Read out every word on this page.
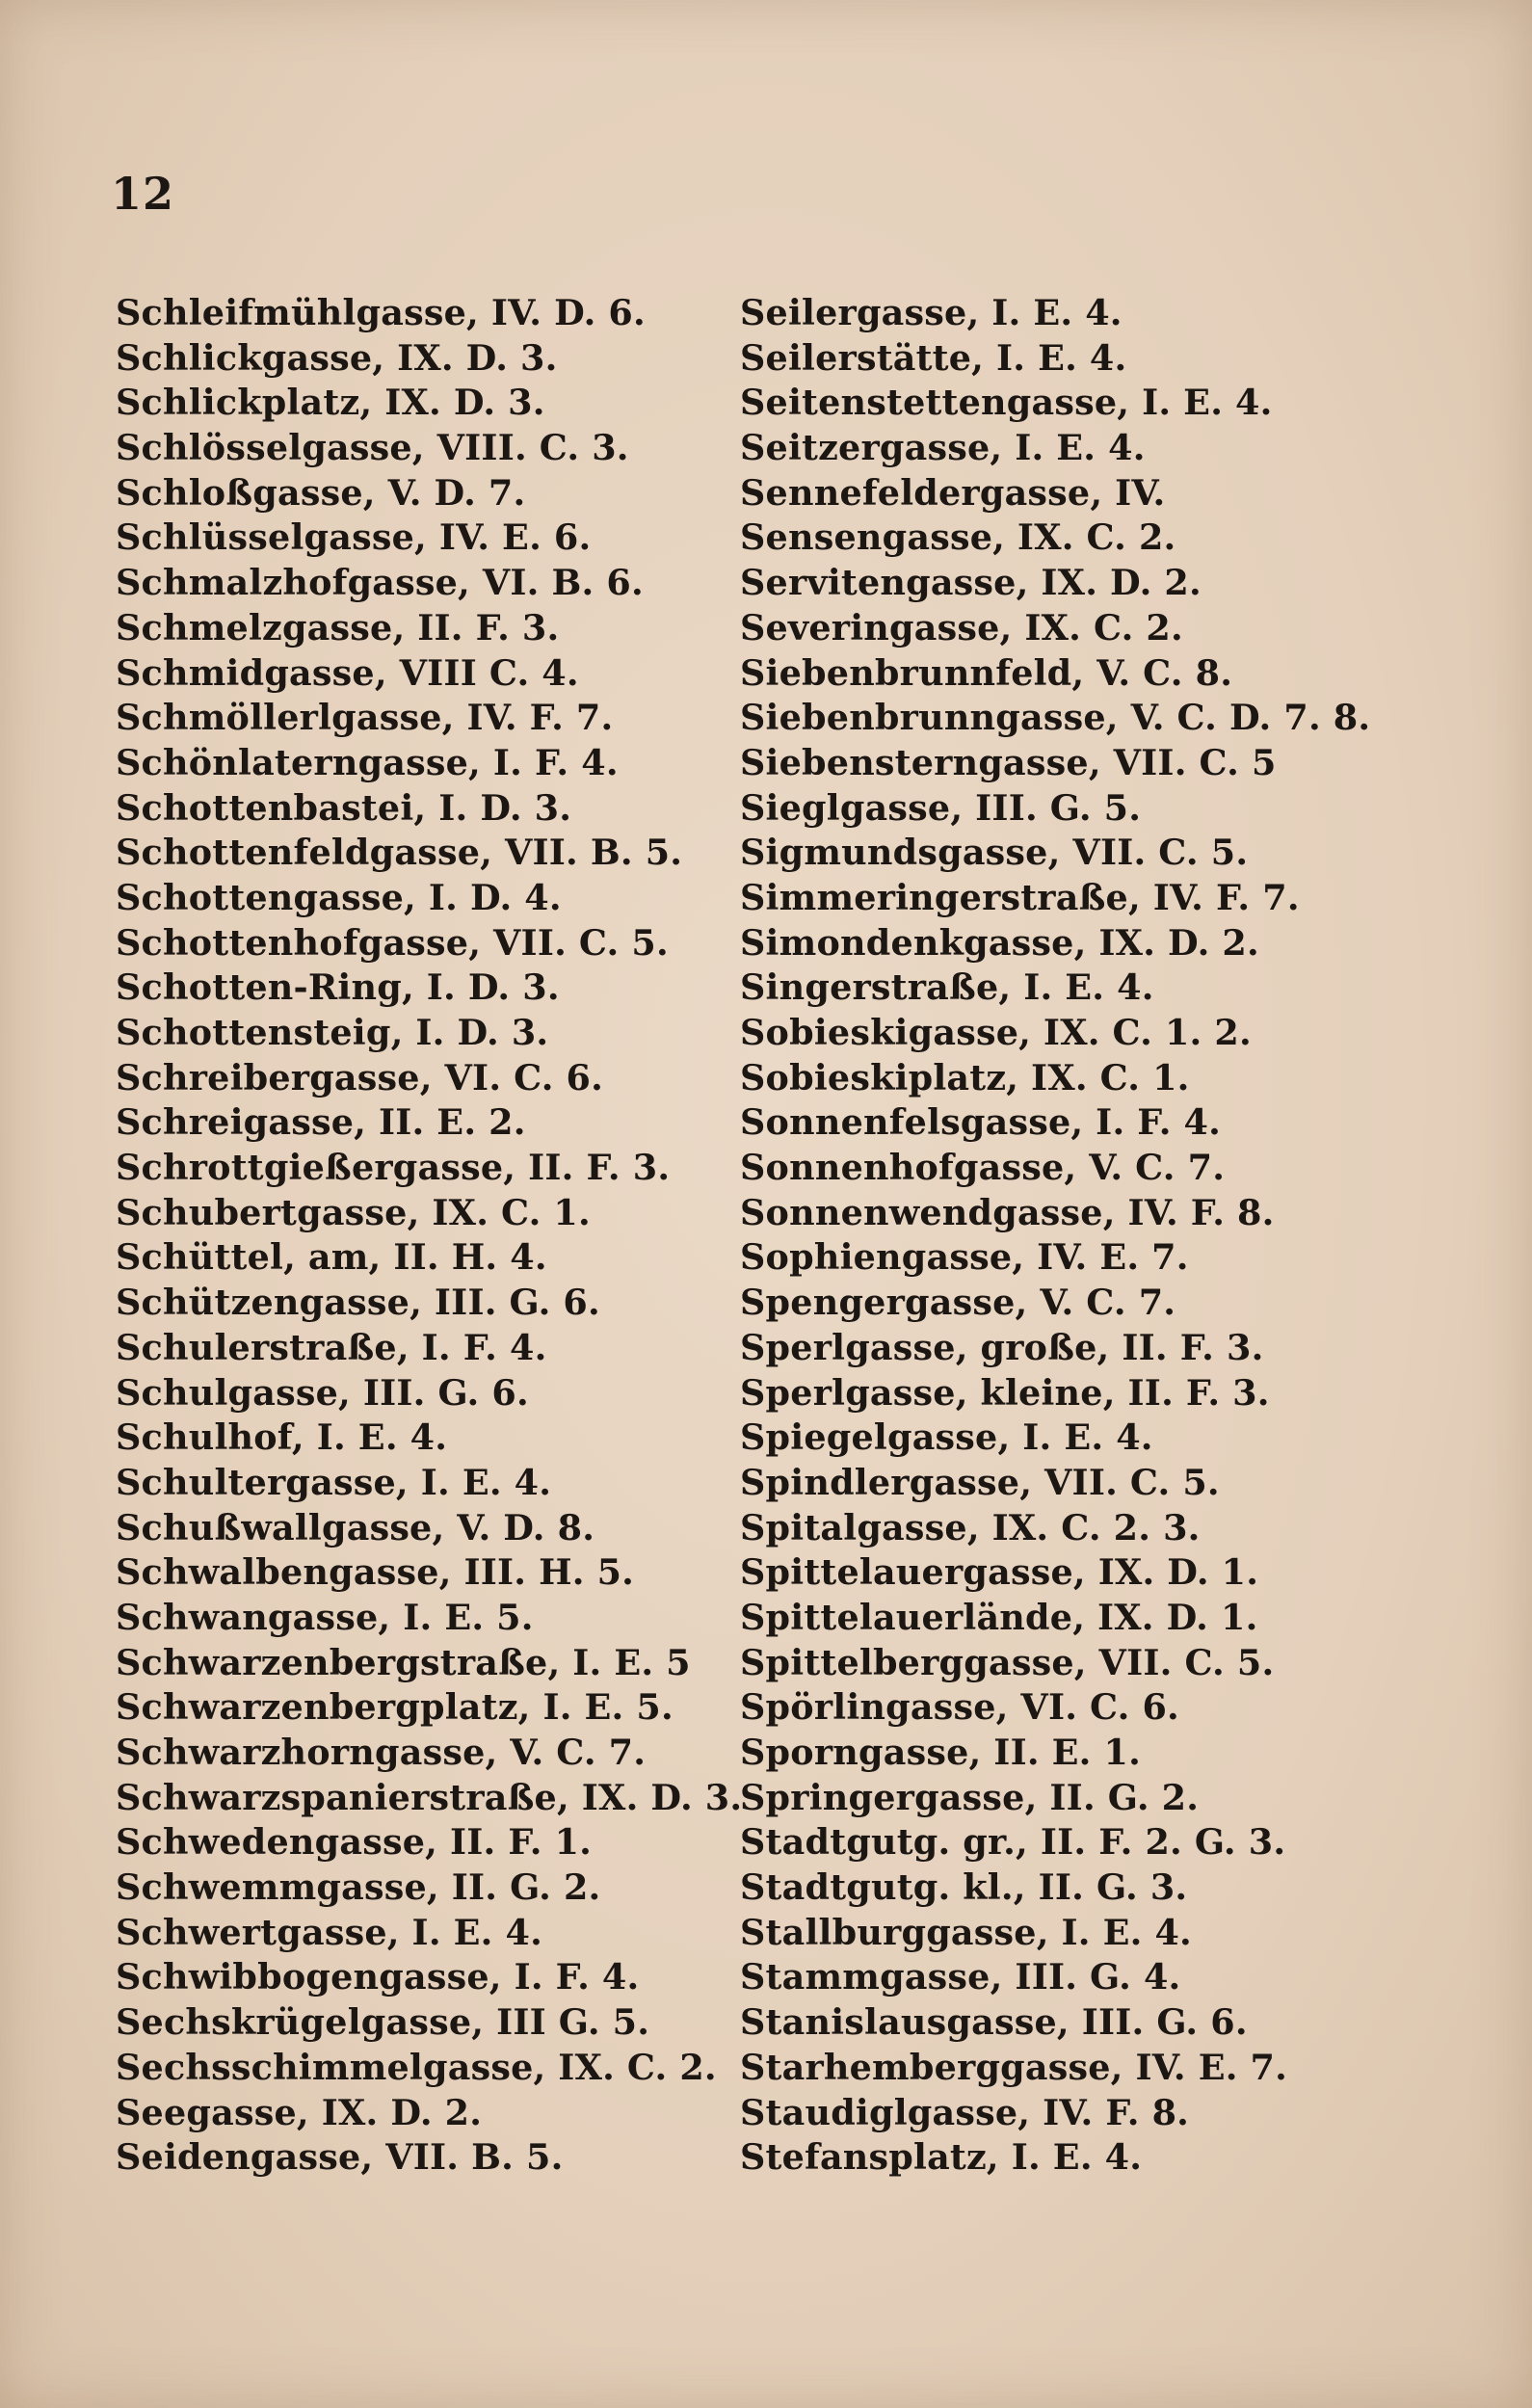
12
Schleifmühlgasse, IV. D. 6.
Schlickgasse, IX. D. 3.
Schlickplatz, IX. D. 3.
Schlösselgasse, VIII. C. 3.
Schloßgasse, V. D. 7.
Schlüsselgasse, IV. E. 6.
Schmalzhofgasse, VI. B. 6.
Schmelzgasse, II. F. 3.
Schmidgasse, VIII C. 4.
Schmöllerlgasse, IV. F. 7.
Schönlaterngasse, I. F. 4.
Schottenbastei, I. D. 3.
Schottenfeldgasse, VII. B. 5.
Schottengasse, I. D. 4.
Schottenhofgasse, VII. C. 5.
Schotten-Ring, I. D. 3.
Schottensteig, I. D. 3.
Schreibergasse, VI. C. 6.
Schreigasse, II. E. 2.
Schrottgießergasse, II. F. 3.
Schubertgasse, IX. C. 1.
Schüttel, am, II. H. 4.
Schützengasse, III. G. 6.
Schulerstraße, I. F. 4.
Schulgasse, III. G. 6.
Schulhof, I. E. 4.
Schultergasse, I. E. 4.
Schußwallgasse, V. D. 8.
Schwalbengasse, III. H. 5.
Schwangasse, I. E. 5.
Schwarzenbergstraße, I. E. 5
Schwarzenbergplatz, I. E. 5.
Schwarzhorngasse, V. C. 7.
Schwarzspanierstraße, IX. D. 3.
Schwedengasse, II. F. 1.
Schwemmgasse, II. G. 2.
Schwertgasse, I. E. 4.
Schwibbogengasse, I. F. 4.
Sechskrügelgasse, III G. 5.
Sechsschimmelgasse, IX. C. 2.
Seegasse, IX. D. 2.
Seidengasse, VII. B. 5.
Seilergasse, I. E. 4.
Seilerstätte, I. E. 4.
Seitenstettengasse, I. E. 4.
Seitzergasse, I. E. 4.
Sennefeldergasse, IV.
Sensengasse, IX. C. 2.
Servitengasse, IX. D. 2.
Severingasse, IX. C. 2.
Siebenbrunnfeld, V. C. 8.
Siebenbrunngasse, V. C. D. 7. 8.
Siebensterngasse, VII. C. 5
Sieglgasse, III. G. 5.
Sigmundsgasse, VII. C. 5.
Simmeringerstraße, IV. F. 7.
Simondenkgasse, IX. D. 2.
Singerstraße, I. E. 4.
Sobieskigasse, IX. C. 1. 2.
Sobieskiplatz, IX. C. 1.
Sonnenfelsgasse, I. F. 4.
Sonnenhofgasse, V. C. 7.
Sonnenwendgasse, IV. F. 8.
Sophiengasse, IV. E. 7.
Spengergasse, V. C. 7.
Sperlgasse, große, II. F. 3.
Sperlgasse, kleine, II. F. 3.
Spiegelgasse, I. E. 4.
Spindlergasse, VII. C. 5.
Spitalgasse, IX. C. 2. 3.
Spittelauergasse, IX. D. 1.
Spittelauerlände, IX. D. 1.
Spittelberggasse, VII. C. 5.
Spörlingasse, VI. C. 6.
Sporngasse, II. E. 1.
Springergasse, II. G. 2.
Stadtgutg. gr., II. F. 2. G. 3.
Stadtgutg. kl., II. G. 3.
Stallburggasse, I. E. 4.
Stammgasse, III. G. 4.
Stanislausgasse, III. G. 6.
Starhemberggasse, IV. E. 7.
Staudiglgasse, IV. F. 8.
Stefansplatz, I. E. 4.
